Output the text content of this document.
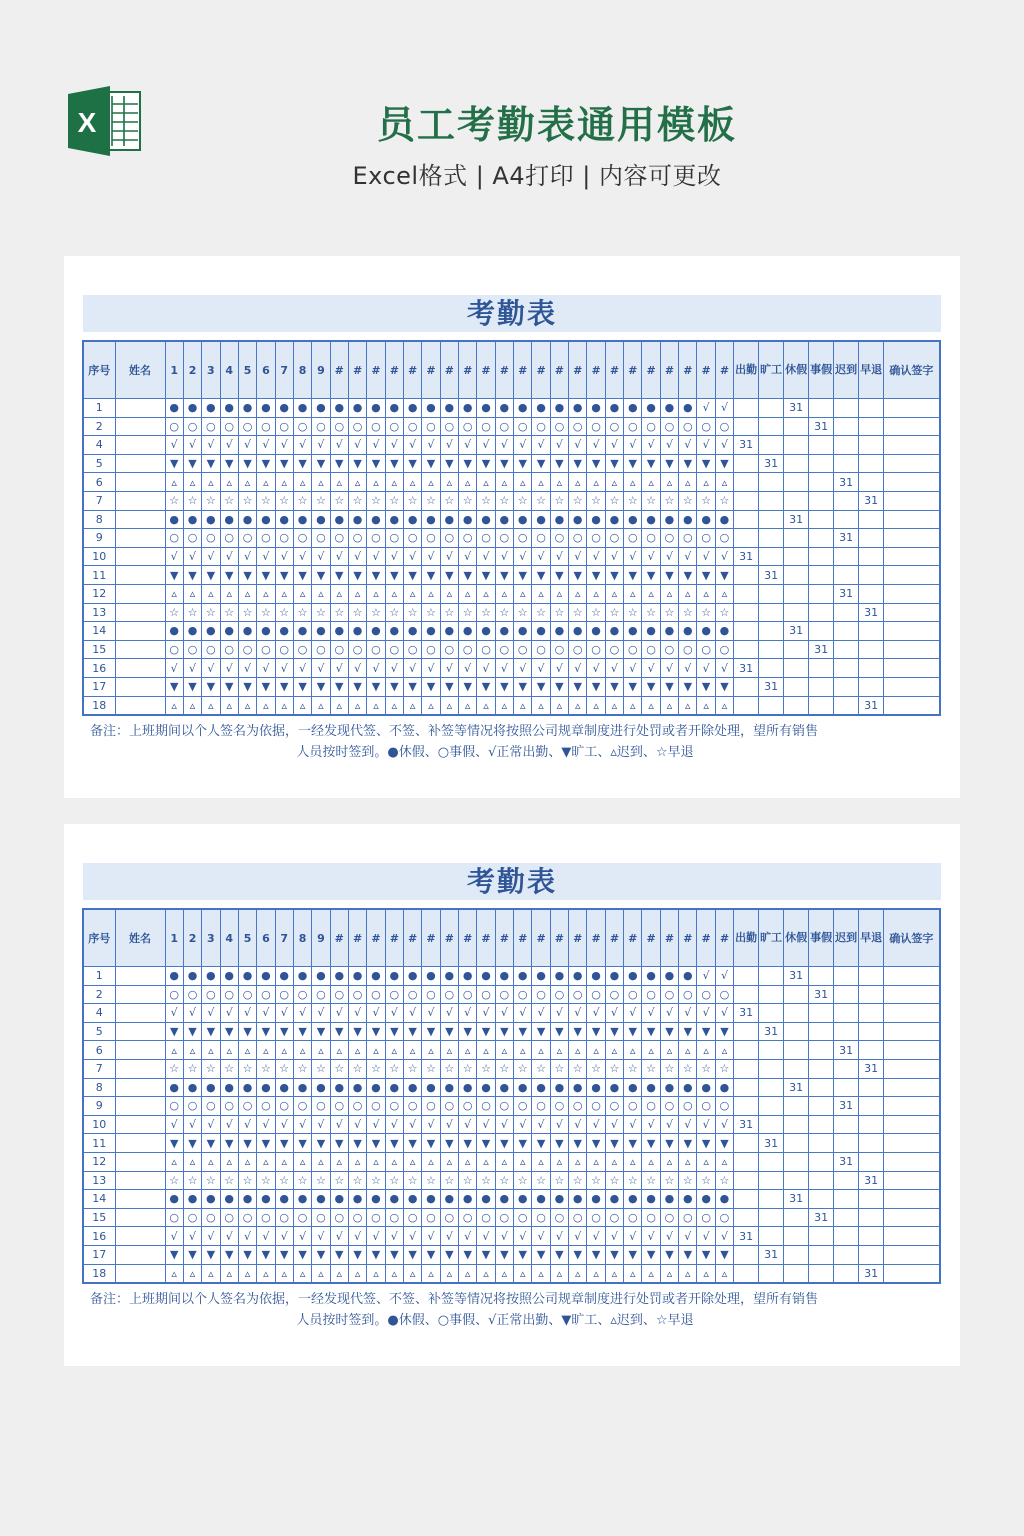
X	员工考勤表通用模板
Excel格式 | A4打印 | 内容可更改
考勤表
序号	姓名	1	2	3	4	5	6	7	8	9	#	#	#	#	#	#	#	#	#	#	#	#	#	#	#	#	#	#	#	#	#	#	出勤	旷工	休假	事假	迟到	早退	确认签字
1		●	●	●	●	●	●	●	●	●	●	●	●	●	●	●	●	●	●	●	●	●	●	●	●	●	●	●	●	●	√	√			31				
2		○	○	○	○	○	○	○	○	○	○	○	○	○	○	○	○	○	○	○	○	○	○	○	○	○	○	○	○	○	○	○				31			
4		√	√	√	√	√	√	√	√	√	√	√	√	√	√	√	√	√	√	√	√	√	√	√	√	√	√	√	√	√	√	√	31						
5		▼	▼	▼	▼	▼	▼	▼	▼	▼	▼	▼	▼	▼	▼	▼	▼	▼	▼	▼	▼	▼	▼	▼	▼	▼	▼	▼	▼	▼	▼	▼		31					
6		▵	▵	▵	▵	▵	▵	▵	▵	▵	▵	▵	▵	▵	▵	▵	▵	▵	▵	▵	▵	▵	▵	▵	▵	▵	▵	▵	▵	▵	▵	▵					31		
7		☆	☆	☆	☆	☆	☆	☆	☆	☆	☆	☆	☆	☆	☆	☆	☆	☆	☆	☆	☆	☆	☆	☆	☆	☆	☆	☆	☆	☆	☆	☆						31	
8		●	●	●	●	●	●	●	●	●	●	●	●	●	●	●	●	●	●	●	●	●	●	●	●	●	●	●	●	●	●	●			31				
9		○	○	○	○	○	○	○	○	○	○	○	○	○	○	○	○	○	○	○	○	○	○	○	○	○	○	○	○	○	○	○					31		
10		√	√	√	√	√	√	√	√	√	√	√	√	√	√	√	√	√	√	√	√	√	√	√	√	√	√	√	√	√	√	√	31						
11		▼	▼	▼	▼	▼	▼	▼	▼	▼	▼	▼	▼	▼	▼	▼	▼	▼	▼	▼	▼	▼	▼	▼	▼	▼	▼	▼	▼	▼	▼	▼		31					
12		▵	▵	▵	▵	▵	▵	▵	▵	▵	▵	▵	▵	▵	▵	▵	▵	▵	▵	▵	▵	▵	▵	▵	▵	▵	▵	▵	▵	▵	▵	▵					31		
13		☆	☆	☆	☆	☆	☆	☆	☆	☆	☆	☆	☆	☆	☆	☆	☆	☆	☆	☆	☆	☆	☆	☆	☆	☆	☆	☆	☆	☆	☆	☆						31	
14		●	●	●	●	●	●	●	●	●	●	●	●	●	●	●	●	●	●	●	●	●	●	●	●	●	●	●	●	●	●	●			31				
15		○	○	○	○	○	○	○	○	○	○	○	○	○	○	○	○	○	○	○	○	○	○	○	○	○	○	○	○	○	○	○				31			
16		√	√	√	√	√	√	√	√	√	√	√	√	√	√	√	√	√	√	√	√	√	√	√	√	√	√	√	√	√	√	√	31						
17		▼	▼	▼	▼	▼	▼	▼	▼	▼	▼	▼	▼	▼	▼	▼	▼	▼	▼	▼	▼	▼	▼	▼	▼	▼	▼	▼	▼	▼	▼	▼		31					
18		▵	▵	▵	▵	▵	▵	▵	▵	▵	▵	▵	▵	▵	▵	▵	▵	▵	▵	▵	▵	▵	▵	▵	▵	▵	▵	▵	▵	▵	▵	▵						31	
备注：上班期间以个人签名为依据，一经发现代签、不签、补签等情况将按照公司规章制度进行处罚或者开除处理，望所有销售
人员按时签到。●休假、○事假、√正常出勤、▼旷工、▵迟到、☆早退
考勤表
序号	姓名	1	2	3	4	5	6	7	8	9	#	#	#	#	#	#	#	#	#	#	#	#	#	#	#	#	#	#	#	#	#	#	出勤	旷工	休假	事假	迟到	早退	确认签字
1		●	●	●	●	●	●	●	●	●	●	●	●	●	●	●	●	●	●	●	●	●	●	●	●	●	●	●	●	●	√	√			31				
2		○	○	○	○	○	○	○	○	○	○	○	○	○	○	○	○	○	○	○	○	○	○	○	○	○	○	○	○	○	○	○				31			
4		√	√	√	√	√	√	√	√	√	√	√	√	√	√	√	√	√	√	√	√	√	√	√	√	√	√	√	√	√	√	√	31						
5		▼	▼	▼	▼	▼	▼	▼	▼	▼	▼	▼	▼	▼	▼	▼	▼	▼	▼	▼	▼	▼	▼	▼	▼	▼	▼	▼	▼	▼	▼	▼		31					
6		▵	▵	▵	▵	▵	▵	▵	▵	▵	▵	▵	▵	▵	▵	▵	▵	▵	▵	▵	▵	▵	▵	▵	▵	▵	▵	▵	▵	▵	▵	▵					31		
7		☆	☆	☆	☆	☆	☆	☆	☆	☆	☆	☆	☆	☆	☆	☆	☆	☆	☆	☆	☆	☆	☆	☆	☆	☆	☆	☆	☆	☆	☆	☆						31	
8		●	●	●	●	●	●	●	●	●	●	●	●	●	●	●	●	●	●	●	●	●	●	●	●	●	●	●	●	●	●	●			31				
9		○	○	○	○	○	○	○	○	○	○	○	○	○	○	○	○	○	○	○	○	○	○	○	○	○	○	○	○	○	○	○					31		
10		√	√	√	√	√	√	√	√	√	√	√	√	√	√	√	√	√	√	√	√	√	√	√	√	√	√	√	√	√	√	√	31						
11		▼	▼	▼	▼	▼	▼	▼	▼	▼	▼	▼	▼	▼	▼	▼	▼	▼	▼	▼	▼	▼	▼	▼	▼	▼	▼	▼	▼	▼	▼	▼		31					
12		▵	▵	▵	▵	▵	▵	▵	▵	▵	▵	▵	▵	▵	▵	▵	▵	▵	▵	▵	▵	▵	▵	▵	▵	▵	▵	▵	▵	▵	▵	▵					31		
13		☆	☆	☆	☆	☆	☆	☆	☆	☆	☆	☆	☆	☆	☆	☆	☆	☆	☆	☆	☆	☆	☆	☆	☆	☆	☆	☆	☆	☆	☆	☆						31	
14		●	●	●	●	●	●	●	●	●	●	●	●	●	●	●	●	●	●	●	●	●	●	●	●	●	●	●	●	●	●	●			31				
15		○	○	○	○	○	○	○	○	○	○	○	○	○	○	○	○	○	○	○	○	○	○	○	○	○	○	○	○	○	○	○				31			
16		√	√	√	√	√	√	√	√	√	√	√	√	√	√	√	√	√	√	√	√	√	√	√	√	√	√	√	√	√	√	√	31						
17		▼	▼	▼	▼	▼	▼	▼	▼	▼	▼	▼	▼	▼	▼	▼	▼	▼	▼	▼	▼	▼	▼	▼	▼	▼	▼	▼	▼	▼	▼	▼		31					
18		▵	▵	▵	▵	▵	▵	▵	▵	▵	▵	▵	▵	▵	▵	▵	▵	▵	▵	▵	▵	▵	▵	▵	▵	▵	▵	▵	▵	▵	▵	▵						31	
备注：上班期间以个人签名为依据，一经发现代签、不签、补签等情况将按照公司规章制度进行处罚或者开除处理，望所有销售
人员按时签到。●休假、○事假、√正常出勤、▼旷工、▵迟到、☆早退
